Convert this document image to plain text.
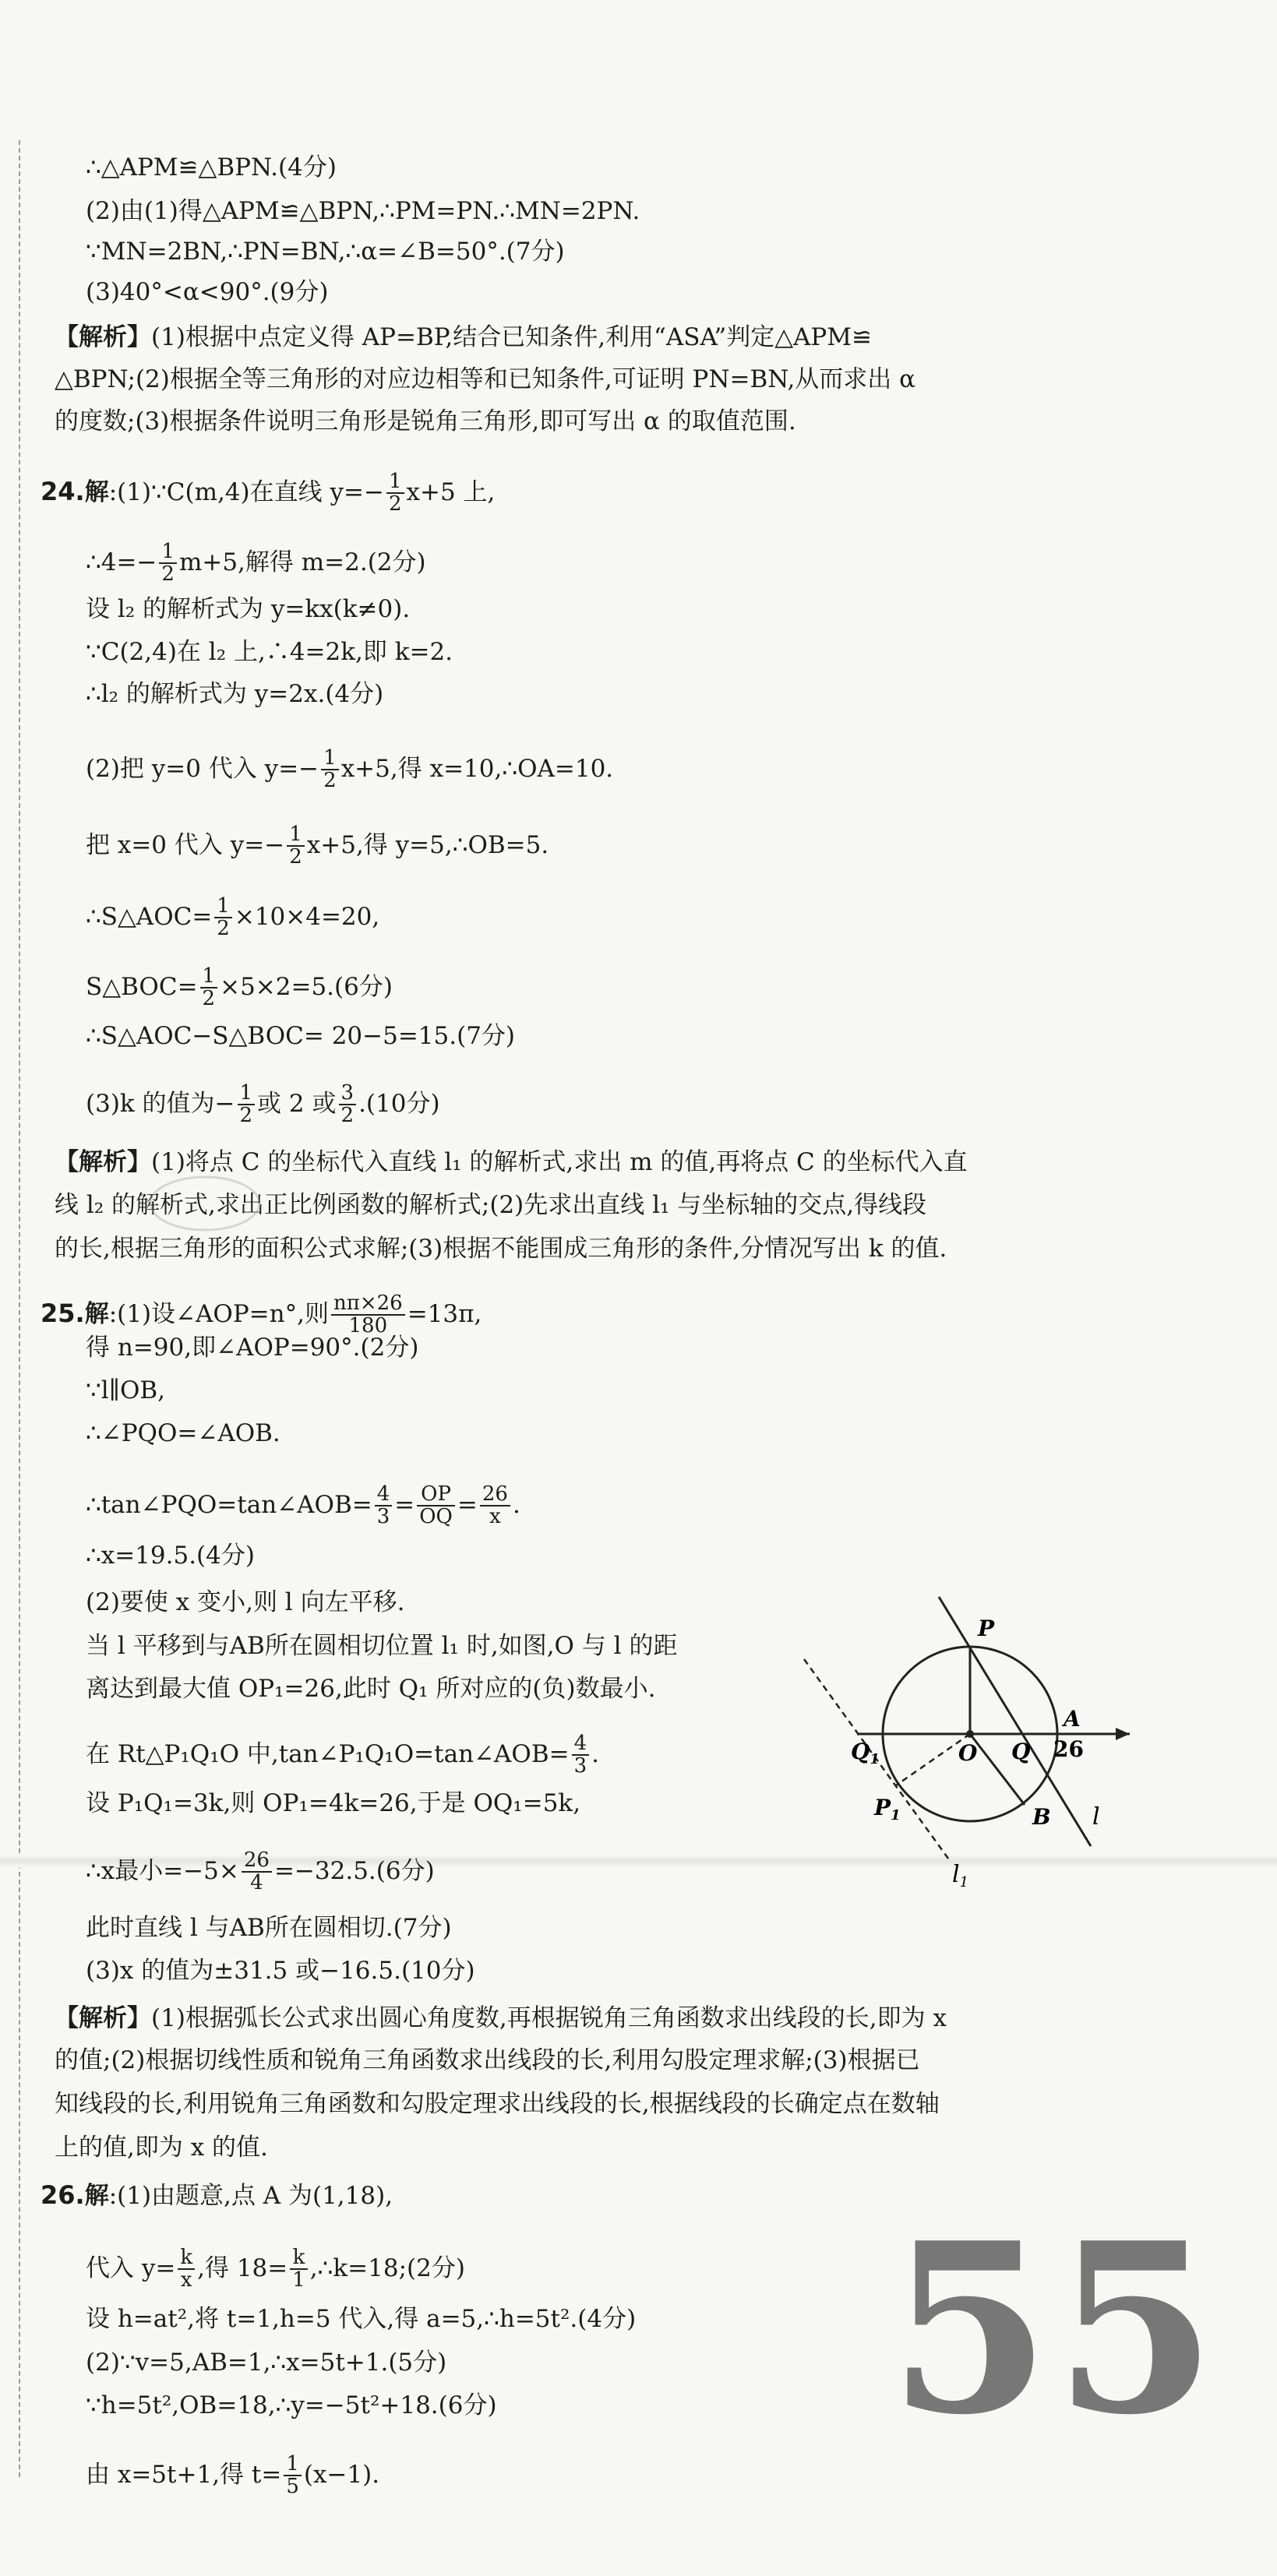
∴△APM≌△BPN.(4分)
(2)由(1)得△APM≌△BPN,∴PM=PN.∴MN=2PN.
∵MN=2BN,∴PN=BN,∴α=∠B=50°.(7分)
(3)40°<α<90°.(9分)
【解析】(1)根据中点定义得 AP=BP,结合已知条件,利用“ASA”判定△APM≌
△BPN;(2)根据全等三角形的对应边相等和已知条件,可证明 PN=BN,从而求出 α
的度数;(3)根据条件说明三角形是锐角三角形,即可写出 α 的取值范围.
24.解:(1)∵C(m,4)在直线 $y=- \frac{1}{2} x+5$ 上,
∴4=− $\frac{1}{2} m+5$,解得 m=2.(2分)
设 l₂ 的解析式为 y=kx(k≠0).
∵C(2,4)在 l₂ 上,∴4=2k,即 k=2.
∴l₂ 的解析式为 y=2x.(4分)
(2)把 y=0 代入 $y=- \frac{1}{2} x+5$,得 x=10,∴OA=10.
把 x=0 代入 $y=- \frac{1}{2} x+5$,得 y=5,∴OB=5.
∴S△AOC= $\frac{1}{2} \times 10\times 4=20$,
S△BOC= $\frac{1}{2} \times 5\times 2=5.(6$分)
∴S△AOC−S△BOC= 20−5=15.(7分)
(3)k 的值为− $\frac{1}{2}$ 或 2 或 $\frac{3}{2} .(10$分)
【解析】(1)将点 C 的坐标代入直线 l₁ 的解析式,求出 m 的值,再将点 C 的坐标代入直
线 l₂ 的解析式,求出正比例函数的解析式;(2)先求出直线 l₁ 与坐标轴的交点,得线段
的长,根据三角形的面积公式求解;(3)根据不能围成三角形的条件,分情况写出 k 的值.
25.解:(1)设∠AOP=n°,则 $\frac{n\pi\times 26}{180} =13\pi$,
得 n=90,即∠AOP=90°.(2分)
∵l∥OB,
∴∠PQO=∠AOB.
∴tan∠PQO=tan∠AOB= $\frac{4}{3} = \frac{OP}{OQ} = \frac{26}{x}$ .
∴x=19.5.(4分)
(2)要使 x 变小,则 l 向左平移.
当 l 平移到与AB所在圆相切位置 l₁ 时,如图,O 与 l 的距
离达到最大值 OP₁=26,此时 Q₁ 所对应的(负)数最小.
在 Rt△P₁Q₁O 中,tan∠P₁Q₁O=tan∠AOB= $\frac{4}{3}$ .
设 P₁Q₁=3k,则 OP₁=4k=26,于是 OQ₁=5k,
∴x最小$=-5\times \frac{26}{4} =-32.5.(6$分)
此时直线 l 与AB所在圆相切.(7分)
(3)x 的值为±31.5 或−16.5.(10分)
【解析】(1)根据弧长公式求出圆心角度数,再根据锐角三角函数求出线段的长,即为 x
的值;(2)根据切线性质和锐角三角函数求出线段的长,利用勾股定理求解;(3)根据已
知线段的长,利用锐角三角函数和勾股定理求出线段的长,根据线段的长确定点在数轴
上的值,即为 x 的值.
26.解:(1)由题意,点 A 为(1,18),
代入 $y= \frac{k}{x}$ ,得 $18= \frac{k}{1}$ ,∴k=18;(2分)
设 h=at²,将 t=1,h=5 代入,得 a=5,∴h=5t².(4分)
(2)∵v=5,AB=1,∴x=5t+1.(5分)
∵h=5t²,OB=18,∴y=−5t²+18.(6分)
由 x=5t+1,得 $t= \frac{1}{5} (x-1)$.
P
A
26
$Q_1$	O Q
$P_1$	B l
$l_1$
55
